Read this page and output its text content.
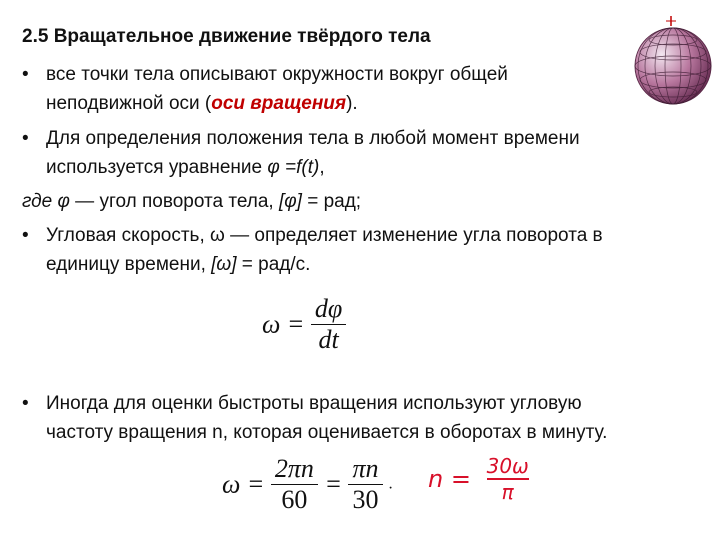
2.5 Вращательное движение твёрдого тела
• все точки тела описывают окружности вокруг общей
неподвижной оси (оси вращения).
• Для определения положения тела в любой момент времени
используется уравнение φ =f(t),
где φ — угол поворота тела, [φ] = рад;
• Угловая скорость, ω — определяет изменение угла поворота в
единицу времени, [ω] = рад/с.
$\omega = \frac{d\varphi}{dt}$
• Иногда для оценки быстроты вращения используют угловую
частоту вращения n, которая оценивается в оборотах в минуту.
$\omega = \frac{2\pi n}{60} = \frac{\pi n}{30}$ . $n = \frac{30\omega}{\pi}$
